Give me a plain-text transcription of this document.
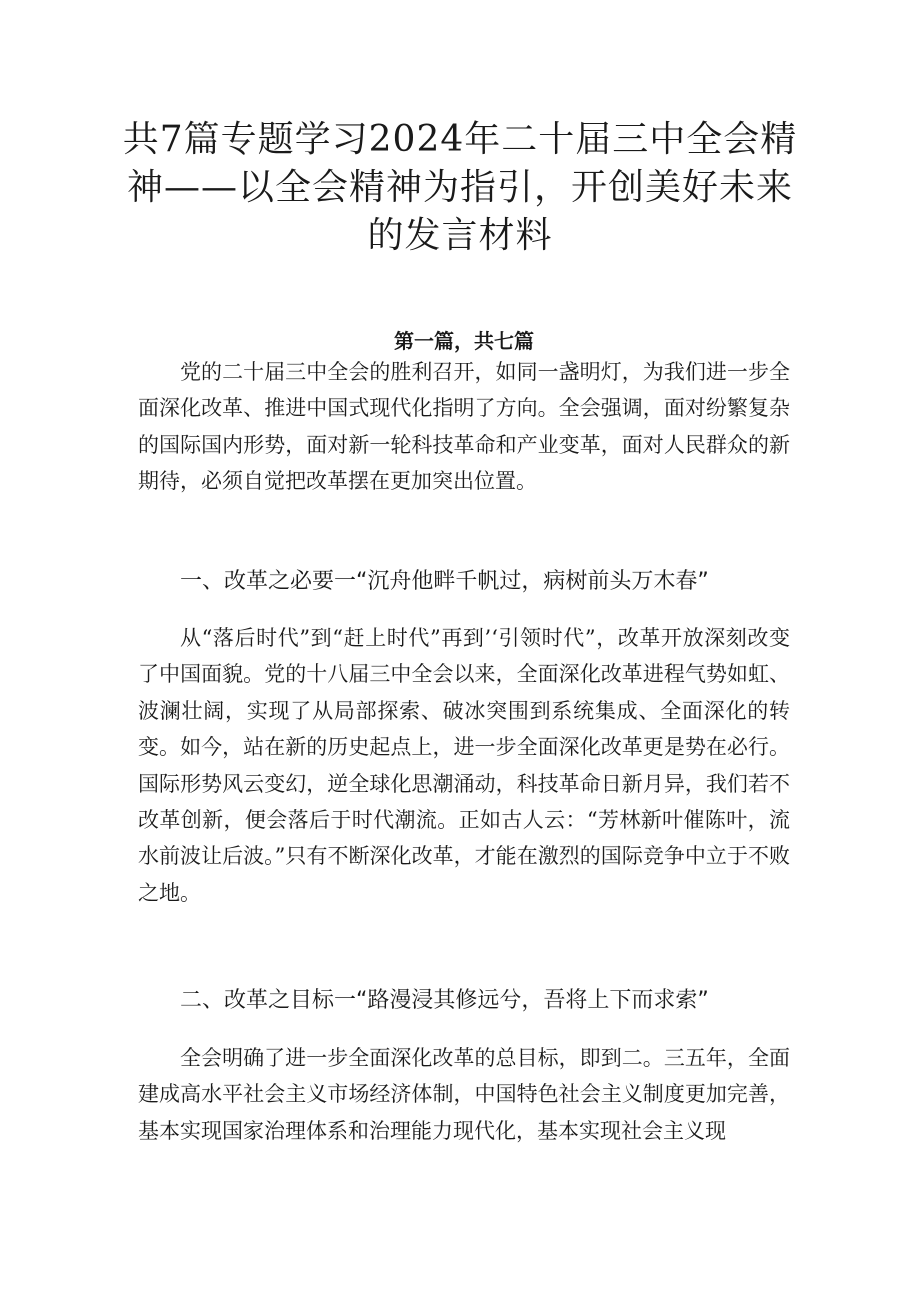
共7篇专题学习2024年二十届三中全会精神——以全会精神为指引，开创美好未来的发言材料
第一篇，共七篇

党的二十届三中全会的胜利召开，如同一盏明灯，为我们进一步全面深化改革、推进中国式现代化指明了方向。全会强调，面对纷繁复杂的国际国内形势，面对新一轮科技革命和产业变革，面对人民群众的新期待，必须自觉把改革摆在更加突出位置。

一、改革之必要一“沉舟他畔千帆过，病树前头万木春”

从“落后时代”到“赶上时代”再到’‘引领时代”，改革开放深刻改变了中国面貌。党的十八届三中全会以来，全面深化改革进程气势如虹、波澜壮阔，实现了从局部探索、破冰突围到系统集成、全面深化的转变。如今，站在新的历史起点上，进一步全面深化改革更是势在必行。国际形势风云变幻，逆全球化思潮涌动，科技革命日新月异，我们若不改革创新，便会落后于时代潮流。正如古人云：“芳林新叶催陈叶，流水前波让后波。”只有不断深化改革，才能在激烈的国际竞争中立于不败之地。

二、改革之目标一“路漫浸其修远兮，吾将上下而求索”

全会明确了进一步全面深化改革的总目标，即到二。三五年，全面建成高水平社会主义市场经济体制，中国特色社会主义制度更加完善，基本实现国家治理体系和治理能力现代化，基本实现社会主义现
